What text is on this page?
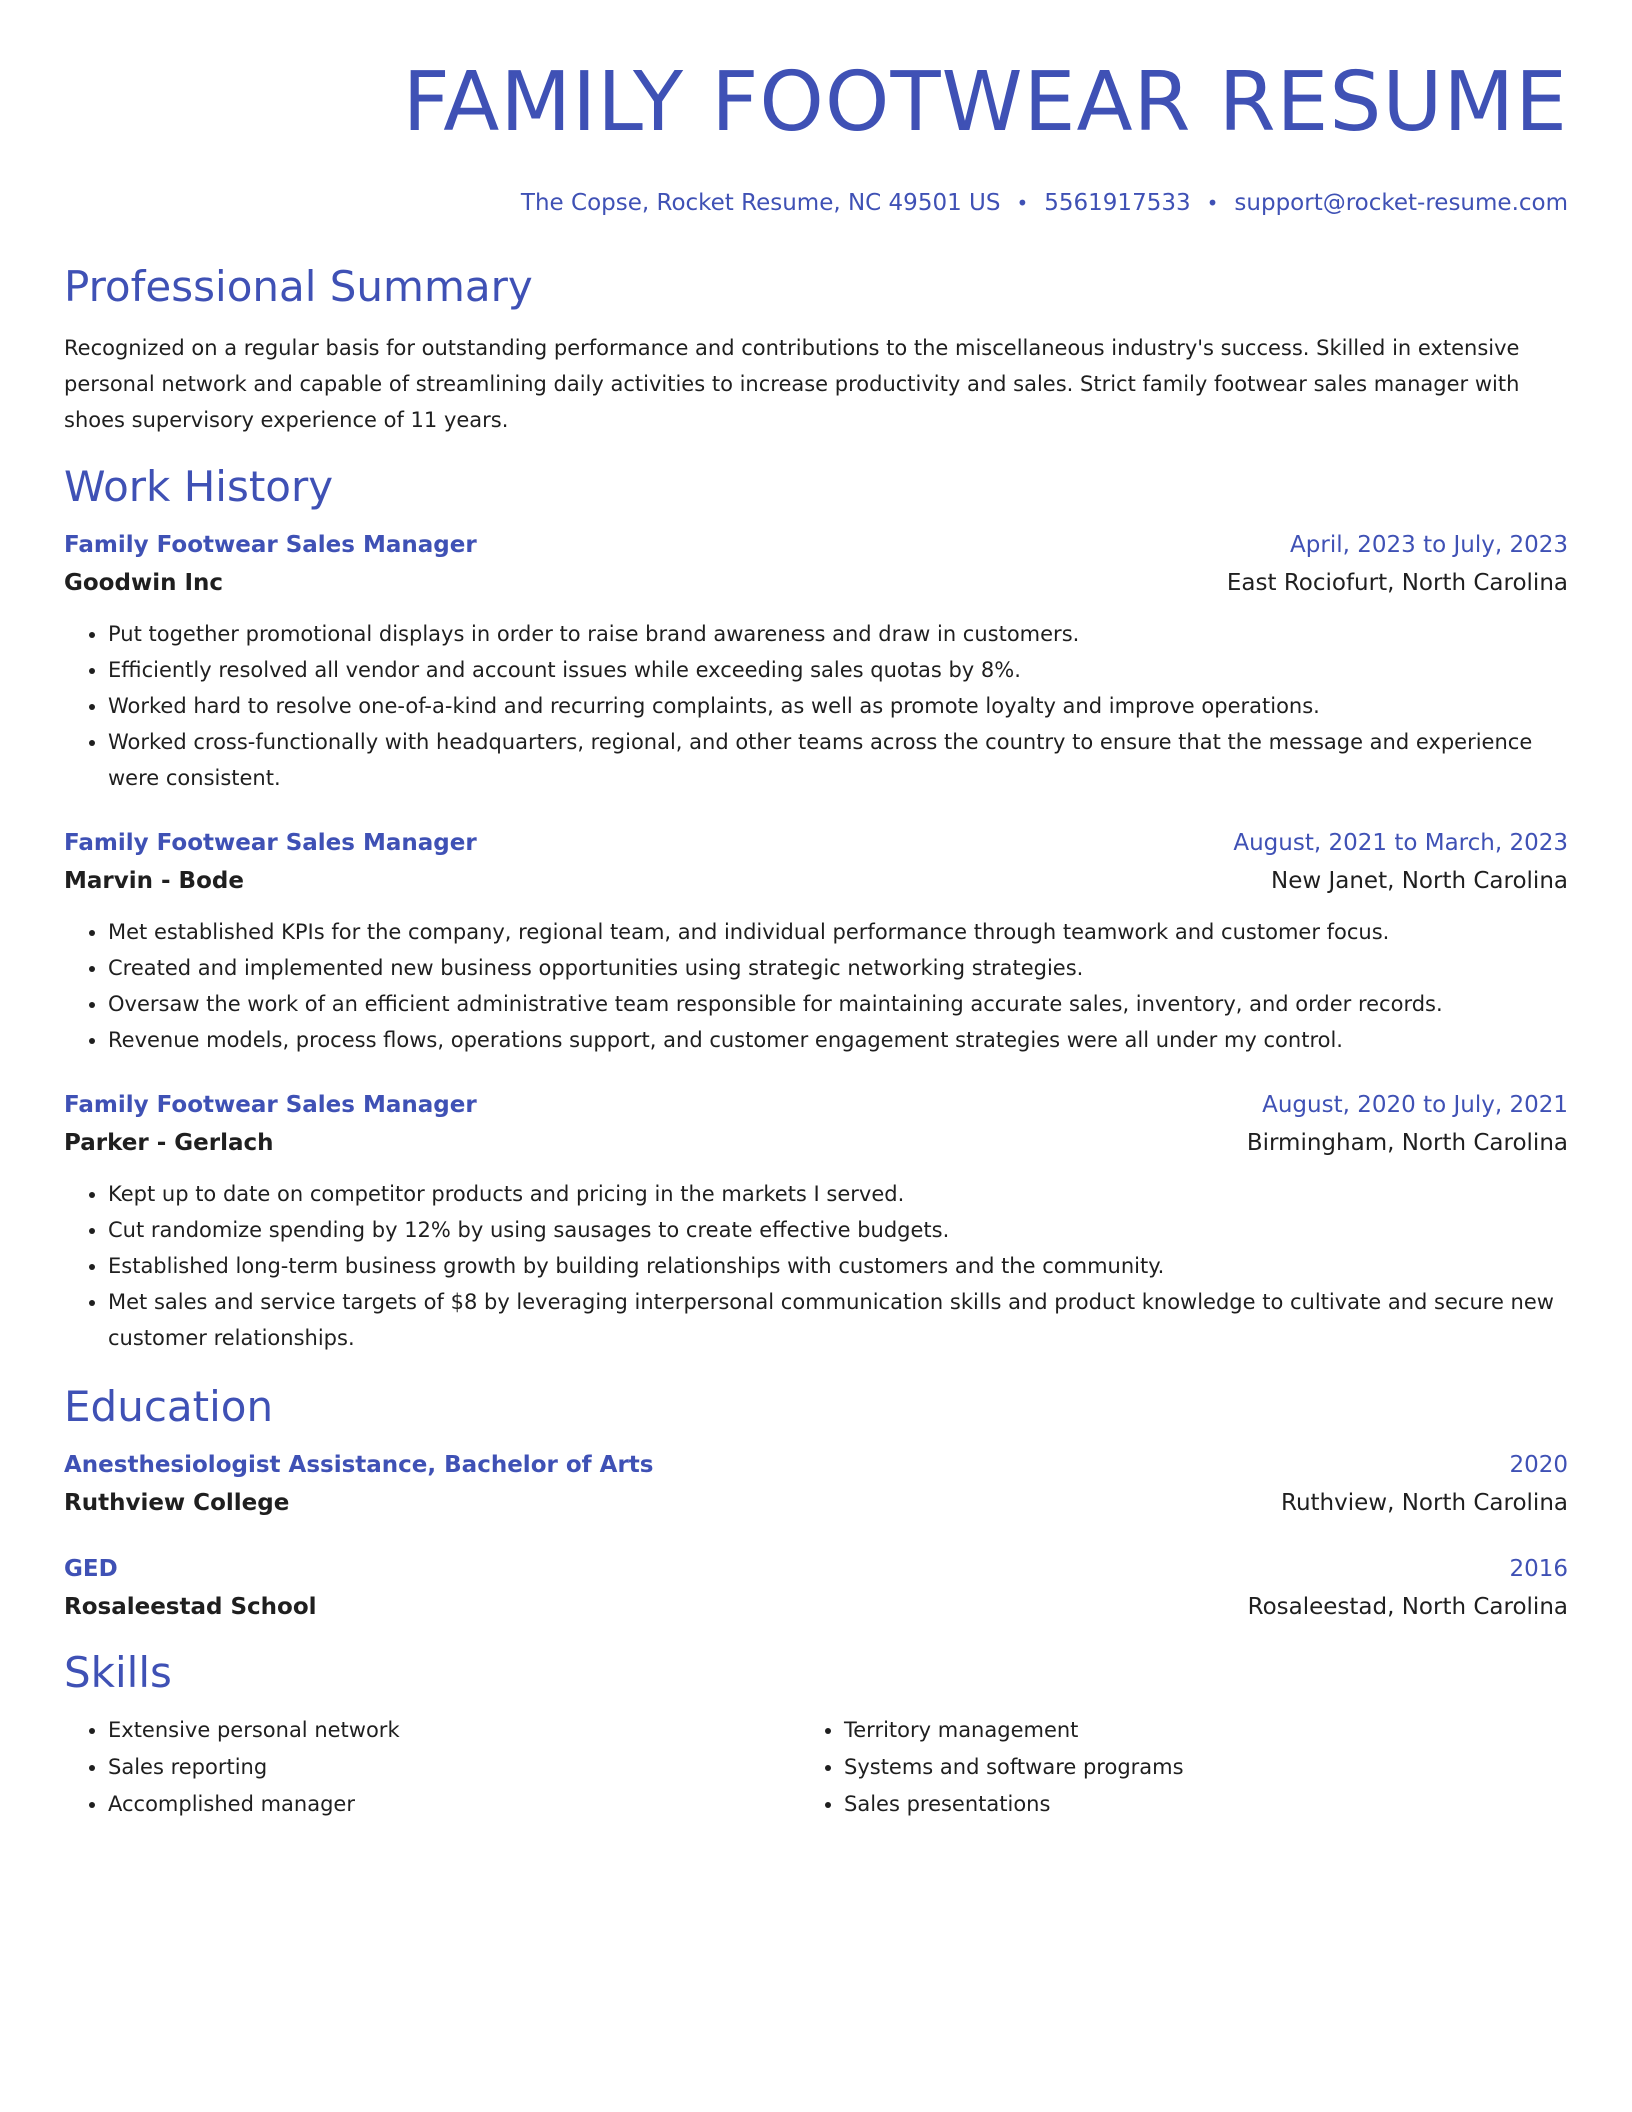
FAMILY FOOTWEAR RESUME
The Copse, Rocket Resume, NC 49501 US • 5561917533 • support@rocket-resume.com
Professional Summary
Recognized on a regular basis for outstanding performance and contributions to the miscellaneous industry's success. Skilled in extensive personal network and capable of streamlining daily activities to increase productivity and sales. Strict family footwear sales manager with shoes supervisory experience of 11 years.
Work History
Family Footwear Sales Manager	April, 2023 to July, 2023
Goodwin Inc	East Rociofurt, North Carolina
• Put together promotional displays in order to raise brand awareness and draw in customers.
• Efficiently resolved all vendor and account issues while exceeding sales quotas by 8%.
• Worked hard to resolve one-of-a-kind and recurring complaints, as well as promote loyalty and improve operations.
• Worked cross-functionally with headquarters, regional, and other teams across the country to ensure that the message and experience were consistent.
Family Footwear Sales Manager	August, 2021 to March, 2023
Marvin - Bode	New Janet, North Carolina
• Met established KPIs for the company, regional team, and individual performance through teamwork and customer focus.
• Created and implemented new business opportunities using strategic networking strategies.
• Oversaw the work of an efficient administrative team responsible for maintaining accurate sales, inventory, and order records.
• Revenue models, process flows, operations support, and customer engagement strategies were all under my control.
Family Footwear Sales Manager	August, 2020 to July, 2021
Parker - Gerlach	Birmingham, North Carolina
• Kept up to date on competitor products and pricing in the markets I served.
• Cut randomize spending by 12% by using sausages to create effective budgets.
• Established long-term business growth by building relationships with customers and the community.
• Met sales and service targets of $8 by leveraging interpersonal communication skills and product knowledge to cultivate and secure new customer relationships.
Education
Anesthesiologist Assistance, Bachelor of Arts	2020
Ruthview College	Ruthview, North Carolina
GED	2016
Rosaleestad School	Rosaleestad, North Carolina
Skills
• Extensive personal network
• Sales reporting
• Accomplished manager
• Territory management
• Systems and software programs
• Sales presentations
